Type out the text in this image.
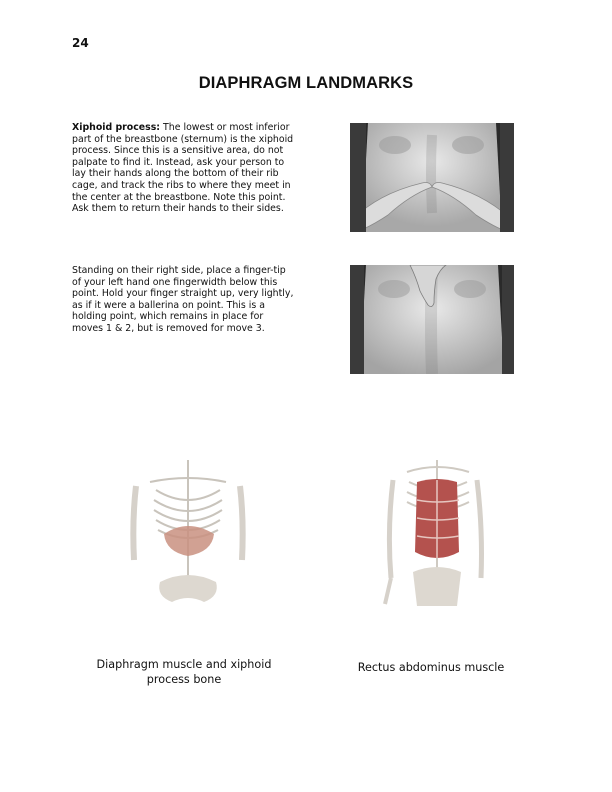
24
DIAPHRAGM LANDMARKS
Xiphoid process: The lowest or most inferior part of the breastbone (sternum) is the xiphoid process. Since this is a sensitive area, do not palpate to find it. Instead, ask your person to lay their hands along the bottom of their rib cage, and track the ribs to where they meet in the center at the breastbone. Note this point. Ask them to return their hands to their sides.
Standing on their right side, place a finger-tip of your left hand one fingerwidth below this point. Hold your finger straight up, very lightly, as if it were a ballerina on point. This is a holding point, which remains in place for moves 1 & 2, but is removed for move 3.
Diaphragm muscle and xiphoid process bone
Rectus abdominus muscle
